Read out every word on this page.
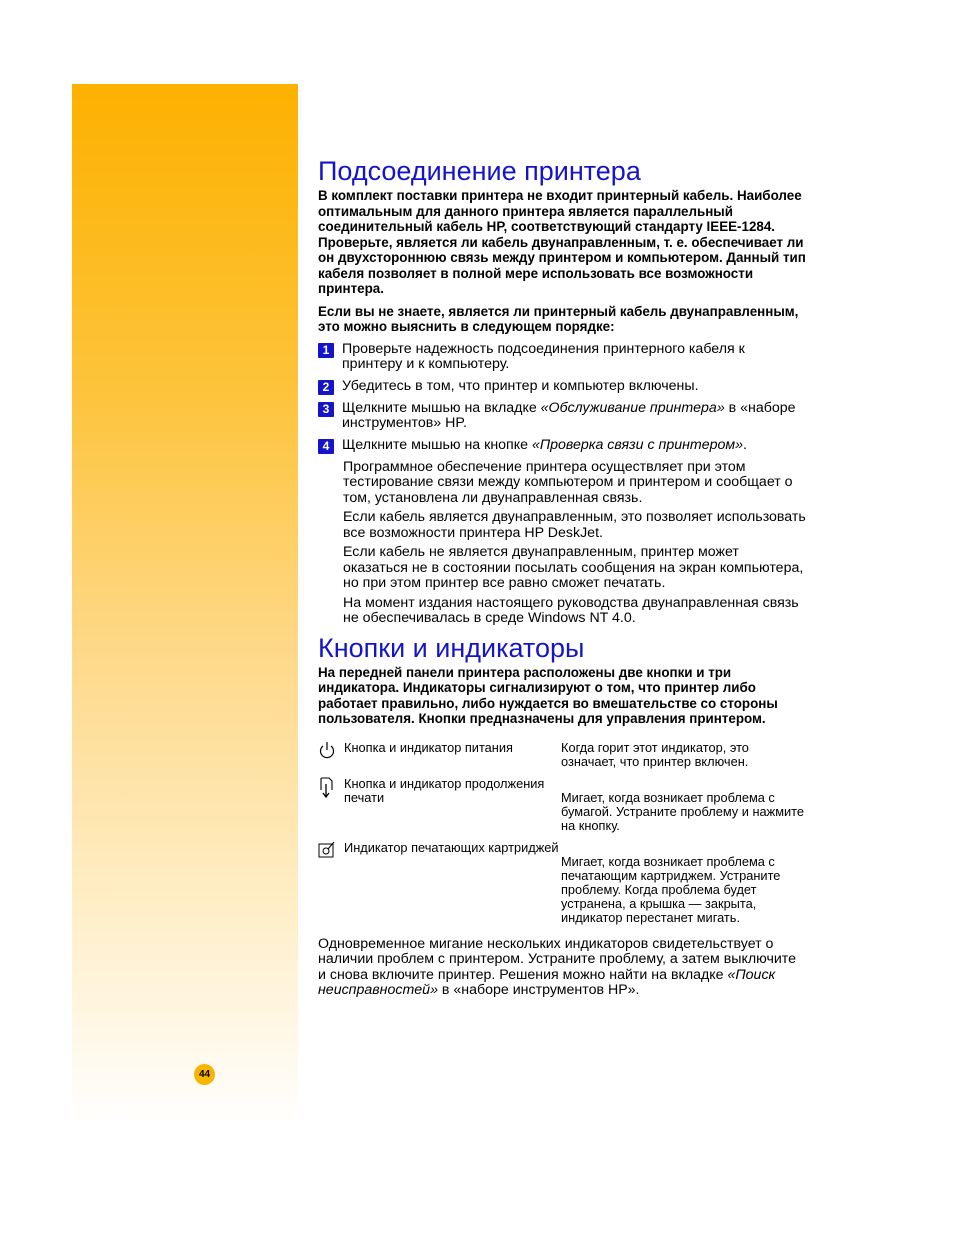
44
Подсоединение принтера

В комплект поставки принтера не входит принтерный кабель. Наиболее оптимальным для данного принтера является параллельный соединительный кабель HP, соответствующий стандарту IEEE-1284. Проверьте, является ли кабель двунаправленным, т. е. обеспечивает ли он двухстороннюю связь между принтером и компьютером. Данный тип кабеля позволяет в полной мере использовать все возможности принтера.

Если вы не знаете, является ли принтерный кабель двунаправленным, это можно выяснить в следующем порядке:

1 Проверьте надежность подсоединения принтерного кабеля к принтеру и к компьютеру.
2 Убедитесь в том, что принтер и компьютер включены.
3 Щелкните мышью на вкладке «Обслуживание принтера» в «наборе инструментов» HP.
4 Щелкните мышью на кнопке «Проверка связи с принтером».
Программное обеспечение принтера осуществляет при этом тестирование связи между компьютером и принтером и сообщает о том, установлена ли двунаправленная связь.
Если кабель является двунаправленным, это позволяет использовать все возможности принтера HP DeskJet.
Если кабель не является двунаправленным, принтер может оказаться не в состоянии посылать сообщения на экран компьютера, но при этом принтер все равно сможет печатать.
На момент издания настоящего руководства двунаправленная связь не обеспечивалась в среде Windows NT 4.0.
Кнопки и индикаторы

На передней панели принтера расположены две кнопки и три индикатора. Индикаторы сигнализируют о том, что принтер либо работает правильно, либо нуждается во вмешательстве со стороны пользователя. Кнопки предназначены для управления принтером.

Кнопка и индикатор питания	Когда горит этот индикатор, это означает, что принтер включен.
Кнопка и индикатор продолжения печати	Мигает, когда возникает проблема с бумагой. Устраните проблему и нажмите на кнопку.
Индикатор печатающих картриджей
Мигает, когда возникает проблема с печатающим картриджем. Устраните проблему. Когда проблема будет устранена, а крышка — закрыта, индикатор перестанет мигать.

Одновременное мигание нескольких индикаторов свидетельствует о наличии проблем с принтером. Устраните проблему, а затем выключите и снова включите принтер. Решения можно найти на вкладке «Поиск неисправностей» в «наборе инструментов HP».
